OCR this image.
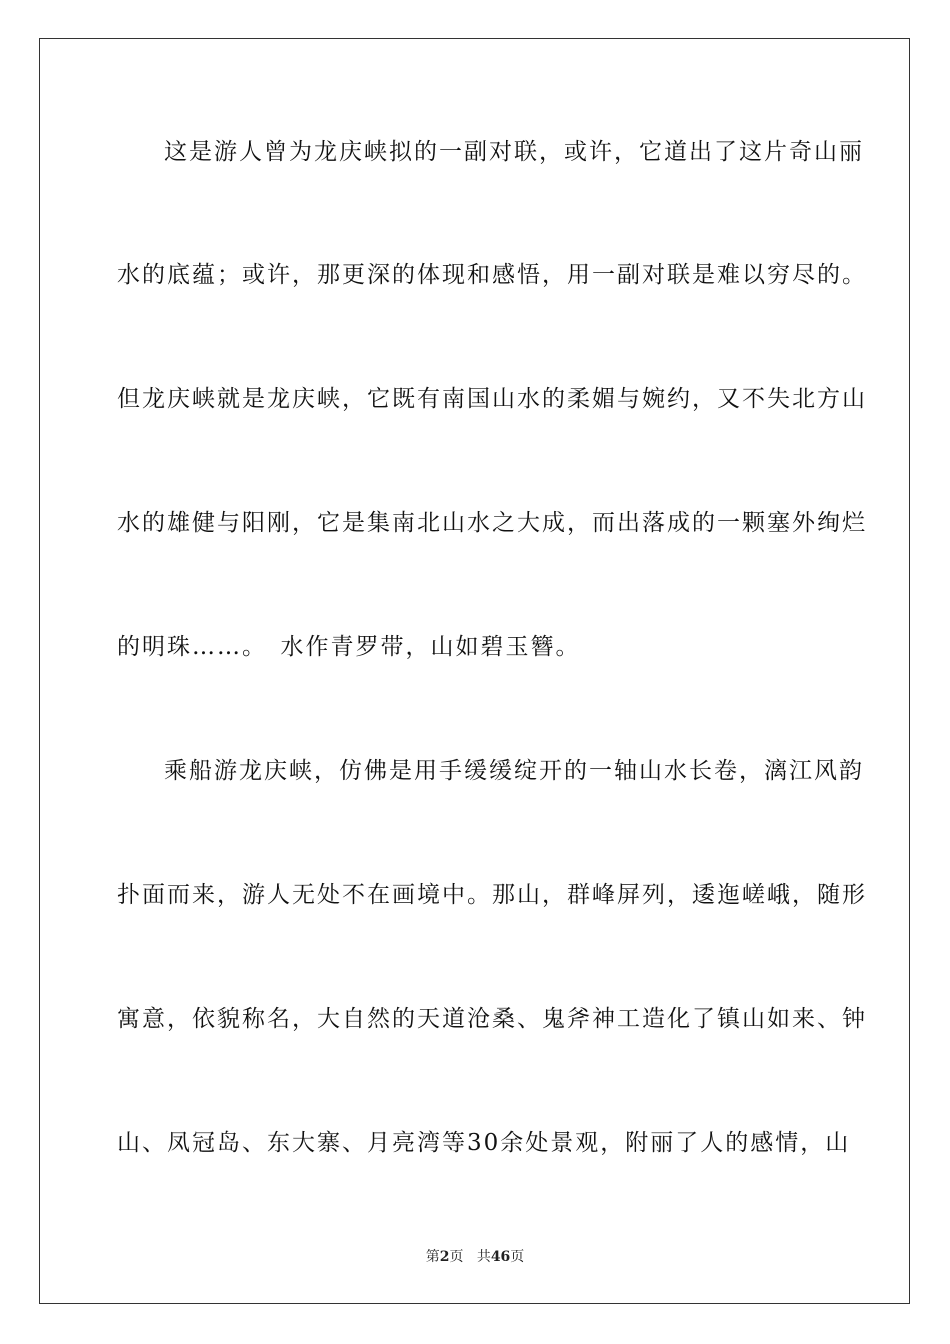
这是游人曾为龙庆峡拟的一副对联，或许，它道出了这片奇山丽
水的底蕴；或许，那更深的体现和感悟，用一副对联是难以穷尽的。
但龙庆峡就是龙庆峡，它既有南国山水的柔媚与婉约，又不失北方山
水的雄健与阳刚，它是集南北山水之大成，而出落成的一颗塞外绚烂
的明珠……。　水作青罗带，山如碧玉簪。
乘船游龙庆峡，仿佛是用手缓缓绽开的一轴山水长卷，漓江风韵
扑面而来，游人无处不在画境中。那山，群峰屏列，逶迤嵯峨，随形
寓意，依貌称名，大自然的天道沧桑、鬼斧神工造化了镇山如来、钟
山、凤冠岛、东大寨、月亮湾等30余处景观，附丽了人的感情，山
第2页 共46页
